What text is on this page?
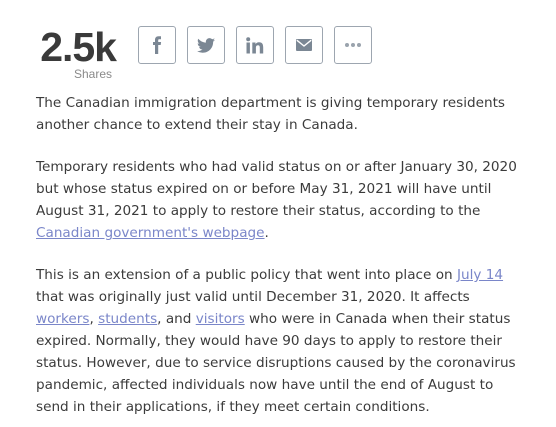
2.5k
Shares

The Canadian immigration department is giving temporary residents another chance to extend their stay in Canada.

Temporary residents who had valid status on or after January 30, 2020 but whose status expired on or before May 31, 2021 will have until August 31, 2021 to apply to restore their status, according to the Canadian government's webpage.

This is an extension of a public policy that went into place on July 14 that was originally just valid until December 31, 2020. It affects workers, students, and visitors who were in Canada when their status expired. Normally, they would have 90 days to apply to restore their status. However, due to service disruptions caused by the coronavirus pandemic, affected individuals now have until the end of August to send in their applications, if they meet certain conditions.
